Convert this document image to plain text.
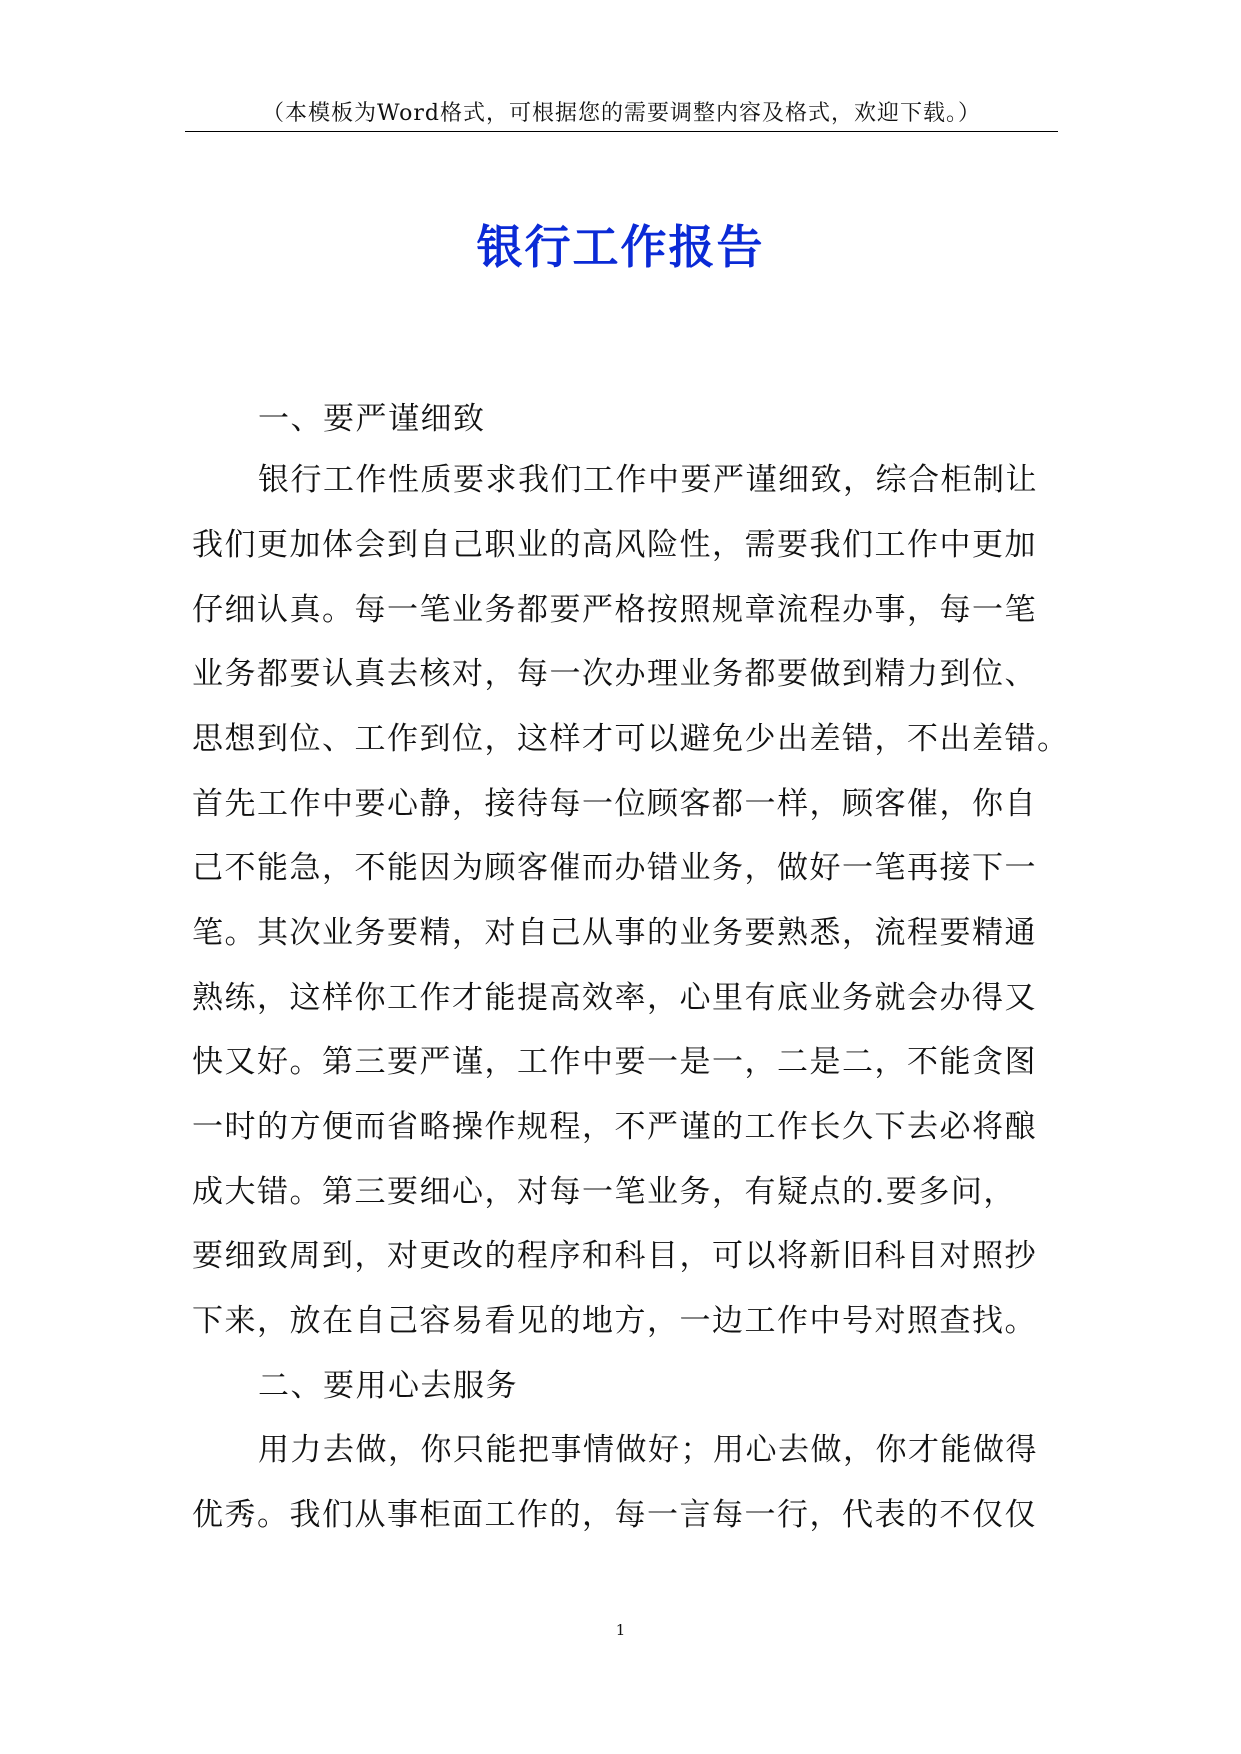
（本模板为Word格式，可根据您的需要调整内容及格式，欢迎下载。）
银行工作报告
一、要严谨细致
银行工作性质要求我们工作中要严谨细致，综合柜制让
我们更加体会到自己职业的高风险性，需要我们工作中更加
仔细认真。每一笔业务都要严格按照规章流程办事，每一笔
业务都要认真去核对，每一次办理业务都要做到精力到位、
思想到位、工作到位，这样才可以避免少出差错，不出差错。
首先工作中要心静，接待每一位顾客都一样，顾客催，你自
己不能急，不能因为顾客催而办错业务，做好一笔再接下一
笔。其次业务要精，对自己从事的业务要熟悉，流程要精通
熟练，这样你工作才能提高效率，心里有底业务就会办得又
快又好。第三要严谨，工作中要一是一，二是二，不能贪图
一时的方便而省略操作规程，不严谨的工作长久下去必将酿
成大错。第三要细心，对每一笔业务，有疑点的.要多问，
要细致周到，对更改的程序和科目，可以将新旧科目对照抄
下来，放在自己容易看见的地方，一边工作中号对照查找。
二、要用心去服务
用力去做，你只能把事情做好；用心去做，你才能做得
优秀。我们从事柜面工作的，每一言每一行，代表的不仅仅
1
